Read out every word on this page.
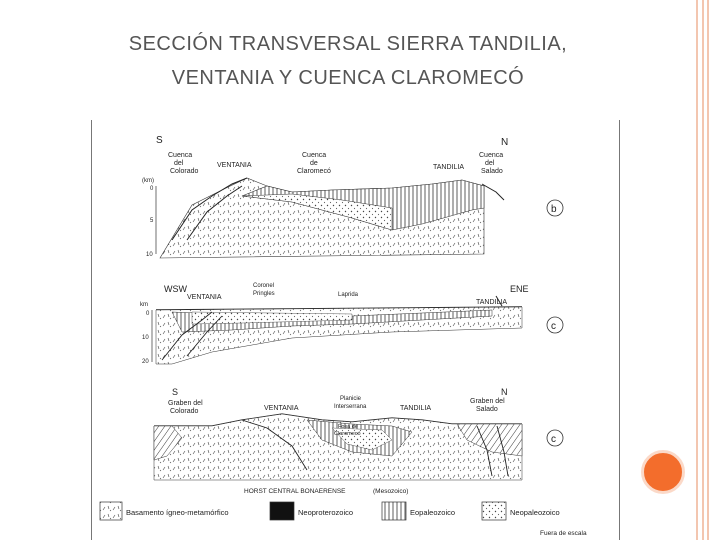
SECCIÓN TRANSVERSAL SIERRA TANDILIA,
VENTANIA Y CUENCA CLAROMECÓ
S	N
Cuenca
del
Colorado
VENTANIA
Cuenca
de
Claromecó
TANDILIA
Cuenca
del
Salado
(km)
0
5
10
b
WSW	ENE
VENTANIA
Coronel
Pringles	Laprida
TANDILIA
km
0
10
20
c
S	N
Graben del
Colorado	VENTANIA
Planicie
Interserrana	TANDILIA
Graben del
Salado
Fosa de
Claromecó
HORST CENTRAL BONAERENSE	(Mesozoico)
c
Basamento ígneo-metamórfico	Neoproterozoico	Eopaleozoico	Neopaleozoico
Fuera de escala
